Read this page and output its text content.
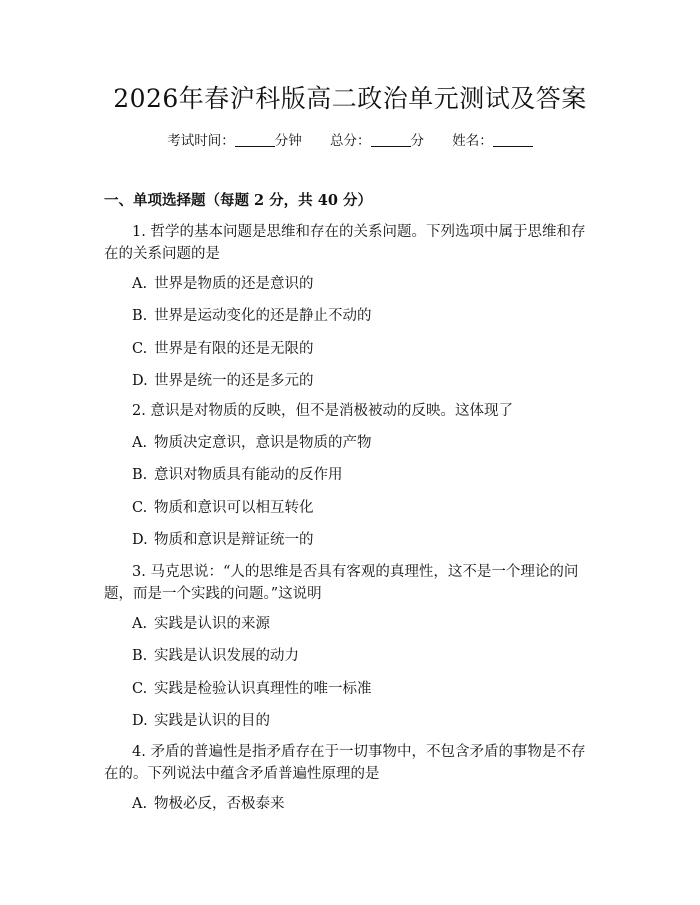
2026年春沪科版高二政治单元测试及答案
考试时间：	分钟 总分：	分 姓名：
一、单项选择题（每题 2 分，共 40 分）

1. 哲学的基本问题是思维和存在的关系问题。下列选项中属于思维和存在的关系问题的是

A. 世界是物质的还是意识的
B. 世界是运动变化的还是静止不动的
C. 世界是有限的还是无限的
D. 世界是统一的还是多元的

2. 意识是对物质的反映，但不是消极被动的反映。这体现了

A. 物质决定意识，意识是物质的产物
B. 意识对物质具有能动的反作用
C. 物质和意识可以相互转化
D. 物质和意识是辩证统一的

3. 马克思说：“人的思维是否具有客观的真理性，这不是一个理论的问题，而是一个实践的问题。”这说明

A. 实践是认识的来源
B. 实践是认识发展的动力
C. 实践是检验认识真理性的唯一标准
D. 实践是认识的目的

4. 矛盾的普遍性是指矛盾存在于一切事物中，不包含矛盾的事物是不存在的。下列说法中蕴含矛盾普遍性原理的是

A. 物极必反，否极泰来
